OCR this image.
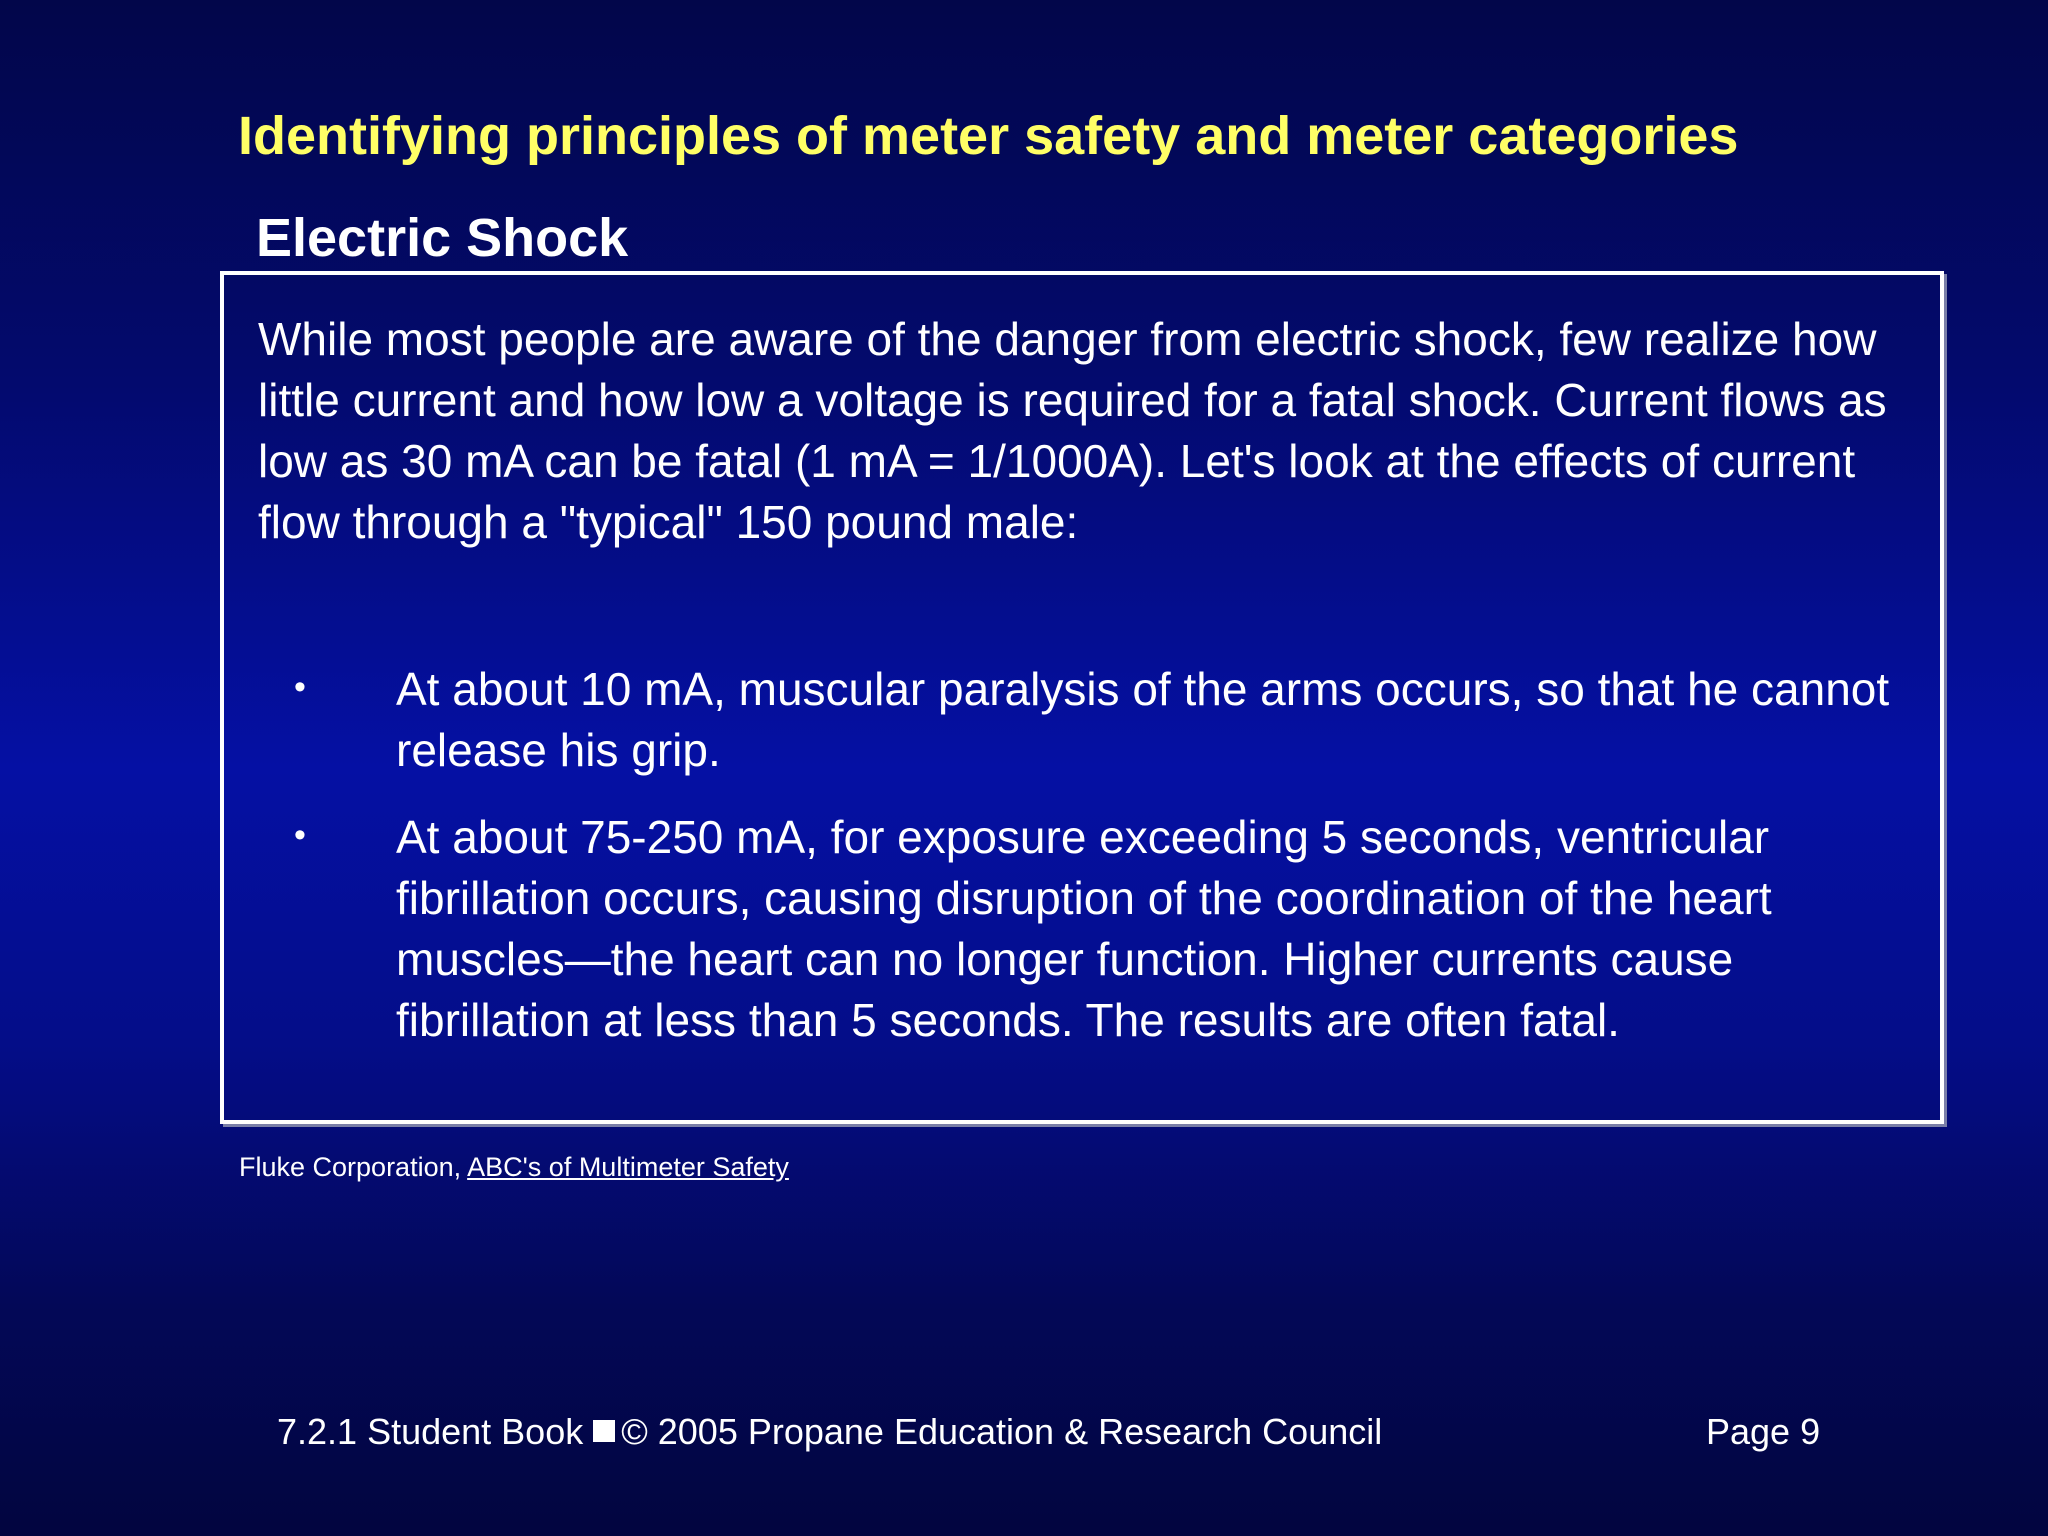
Identifying principles of meter safety and meter categories
Electric Shock

While most people are aware of the danger from electric shock, few realize how little current and how low a voltage is required for a fatal shock. Current flows as low as 30 mA can be fatal (1 mA = 1/1000A). Let's look at the effects of current flow through a "typical" 150 pound male:

• At about 10 mA, muscular paralysis of the arms occurs, so that he cannot release his grip.
• At about 75-250 mA, for exposure exceeding 5 seconds, ventricular fibrillation occurs, causing disruption of the coordination of the heart muscles—the heart can no longer function. Higher currents cause fibrillation at less than 5 seconds. The results are often fatal.
Fluke Corporation, ABC's of Multimeter Safety
7.2.1 Student Book © 2005 Propane Education & Research Council	Page 9
